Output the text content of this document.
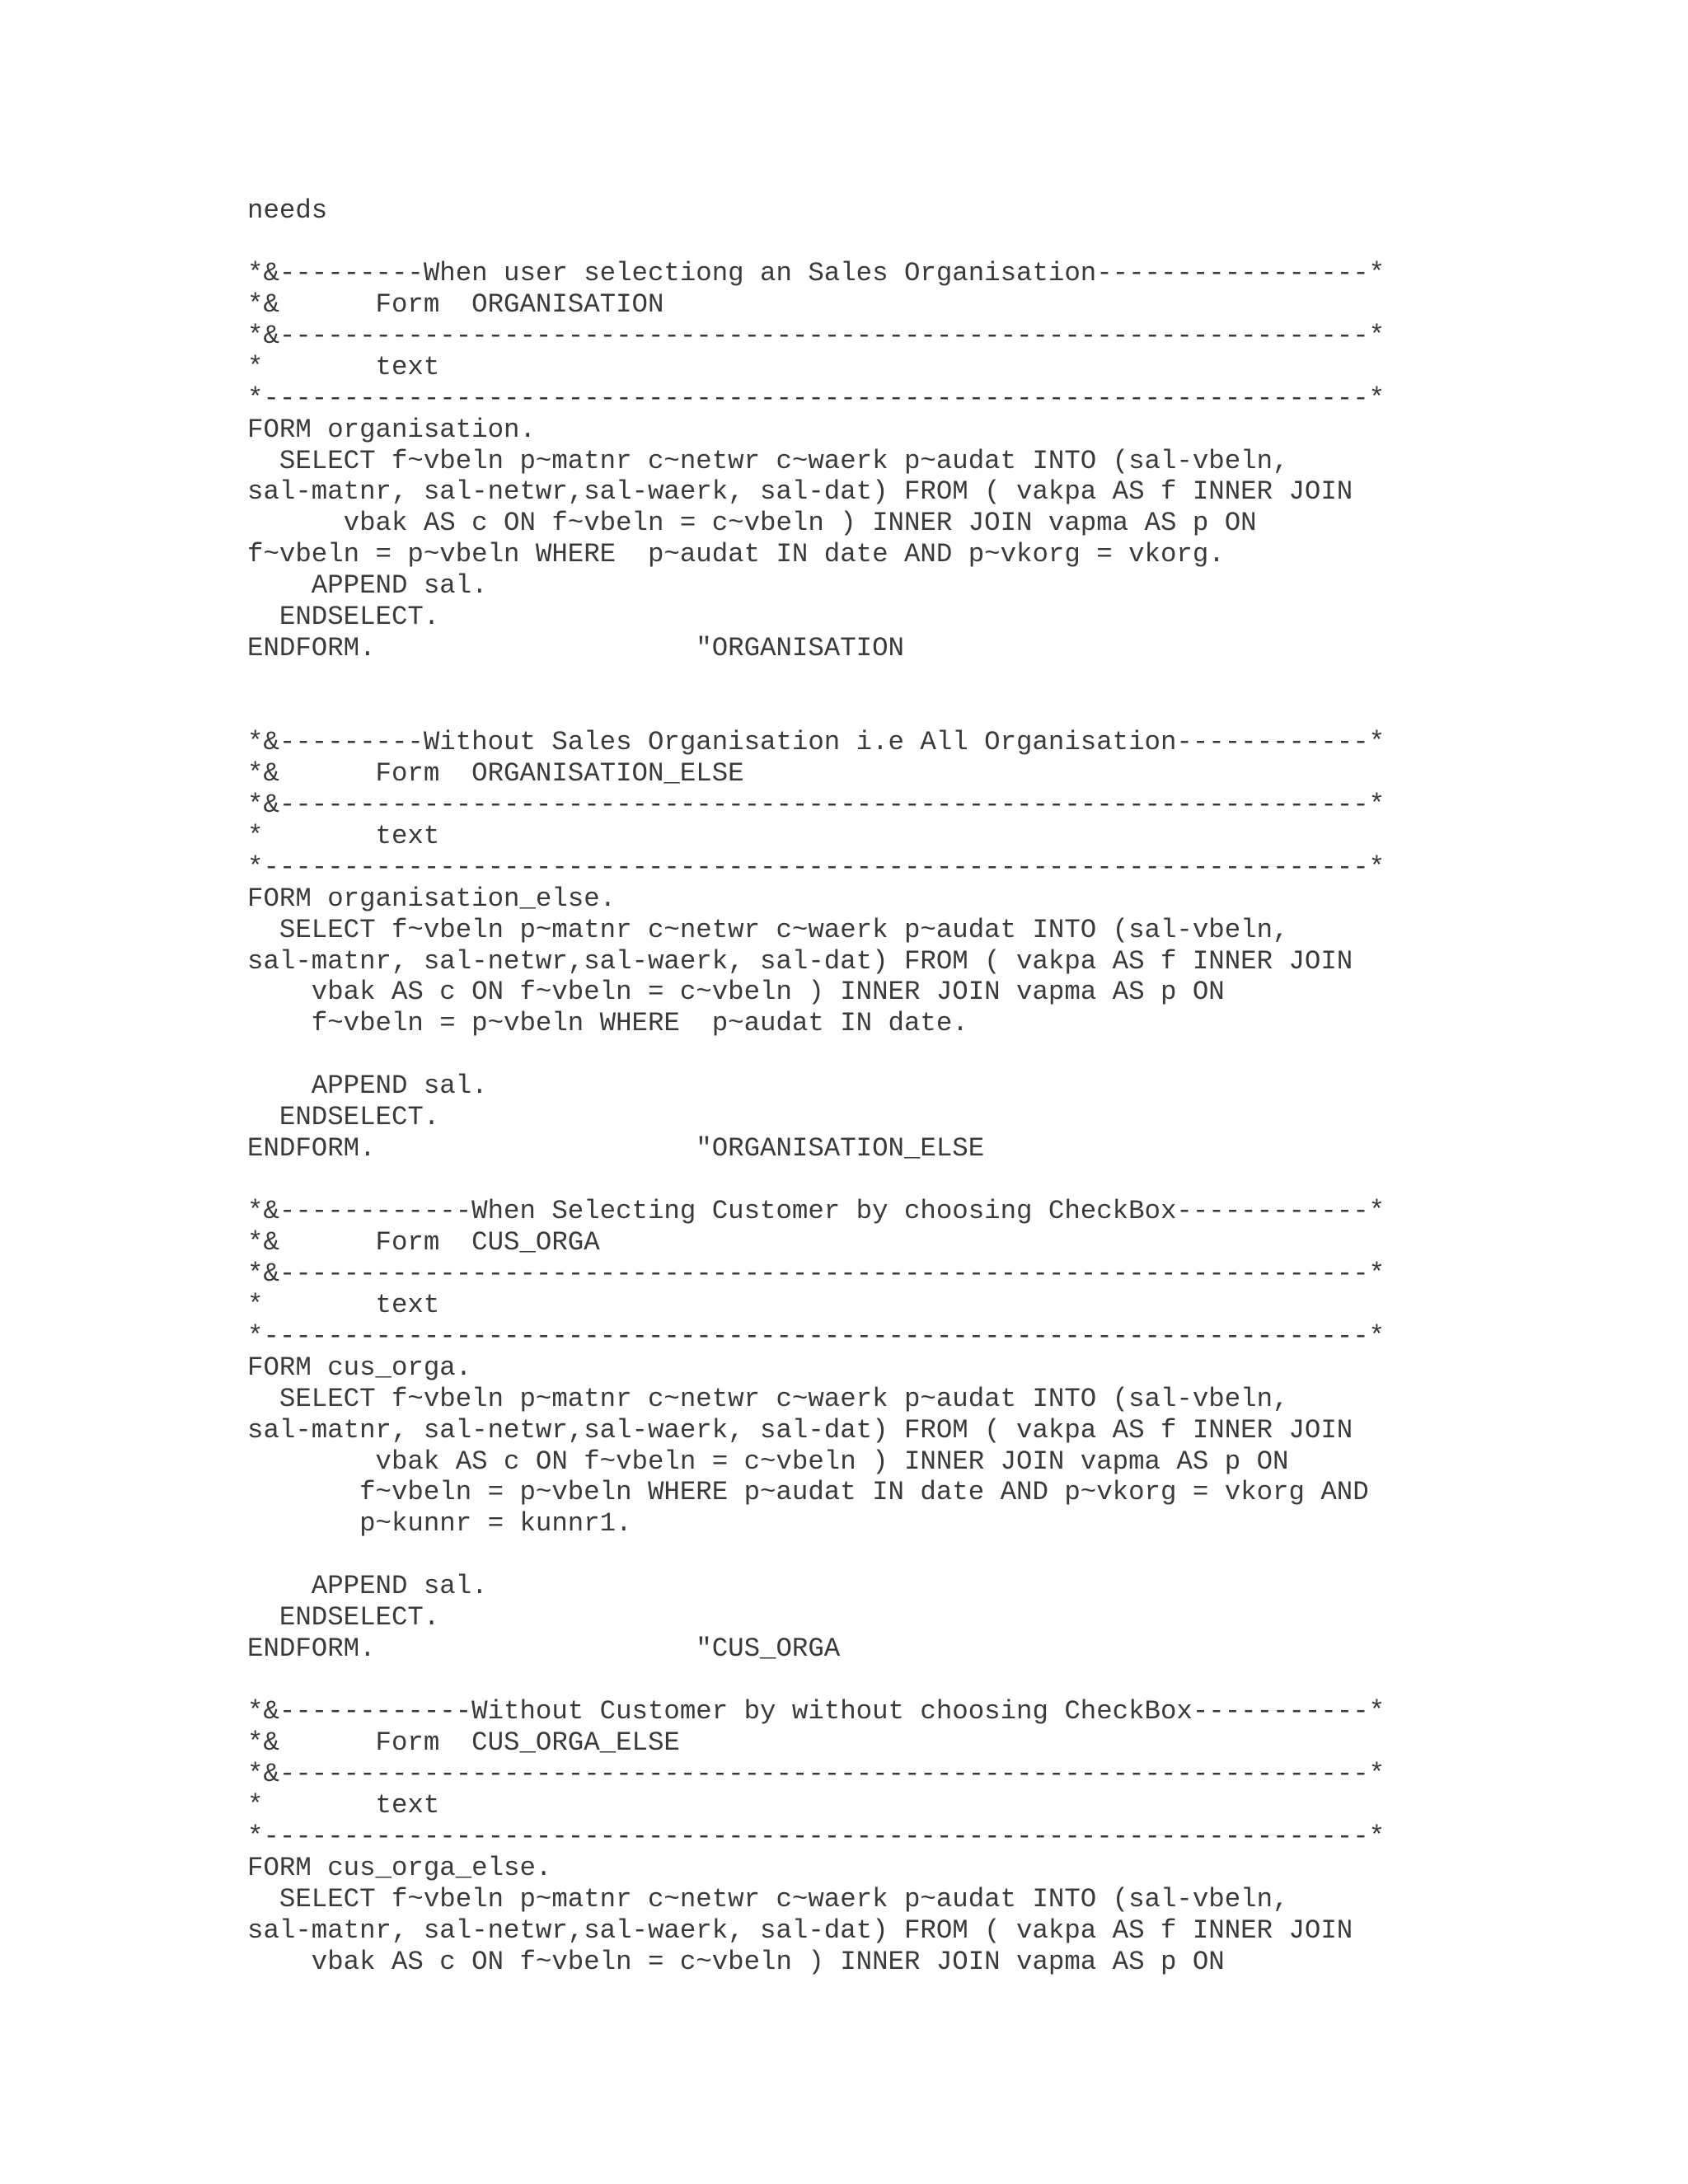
needs
*&---------When user selectiong an Sales Organisation-----------------*
*&      Form  ORGANISATION
*&--------------------------------------------------------------------*
*       text
*---------------------------------------------------------------------*
FORM organisation.
SELECT f~vbeln p~matnr c~netwr c~waerk p~audat INTO (sal-vbeln,
sal-matnr, sal-netwr,sal-waerk, sal-dat) FROM ( vakpa AS f INNER JOIN
vbak AS c ON f~vbeln = c~vbeln ) INNER JOIN vapma AS p ON
f~vbeln = p~vbeln WHERE  p~audat IN date AND p~vkorg = vkorg.
APPEND sal.
ENDSELECT.
ENDFORM.                    "ORGANISATION
*&---------Without Sales Organisation i.e All Organisation------------*
*&      Form  ORGANISATION_ELSE
*&--------------------------------------------------------------------*
*       text
*---------------------------------------------------------------------*
FORM organisation_else.
SELECT f~vbeln p~matnr c~netwr c~waerk p~audat INTO (sal-vbeln,
sal-matnr, sal-netwr,sal-waerk, sal-dat) FROM ( vakpa AS f INNER JOIN
vbak AS c ON f~vbeln = c~vbeln ) INNER JOIN vapma AS p ON
f~vbeln = p~vbeln WHERE  p~audat IN date.
APPEND sal.
ENDSELECT.
ENDFORM.                    "ORGANISATION_ELSE
*&------------When Selecting Customer by choosing CheckBox------------*
*&      Form  CUS_ORGA
*&--------------------------------------------------------------------*
*       text
*---------------------------------------------------------------------*
FORM cus_orga.
SELECT f~vbeln p~matnr c~netwr c~waerk p~audat INTO (sal-vbeln,
sal-matnr, sal-netwr,sal-waerk, sal-dat) FROM ( vakpa AS f INNER JOIN
vbak AS c ON f~vbeln = c~vbeln ) INNER JOIN vapma AS p ON
f~vbeln = p~vbeln WHERE p~audat IN date AND p~vkorg = vkorg AND
p~kunnr = kunnr1.
APPEND sal.
ENDSELECT.
ENDFORM.                    "CUS_ORGA
*&------------Without Customer by without choosing CheckBox-----------*
*&      Form  CUS_ORGA_ELSE
*&--------------------------------------------------------------------*
*       text
*---------------------------------------------------------------------*
FORM cus_orga_else.
SELECT f~vbeln p~matnr c~netwr c~waerk p~audat INTO (sal-vbeln,
sal-matnr, sal-netwr,sal-waerk, sal-dat) FROM ( vakpa AS f INNER JOIN
vbak AS c ON f~vbeln = c~vbeln ) INNER JOIN vapma AS p ON
